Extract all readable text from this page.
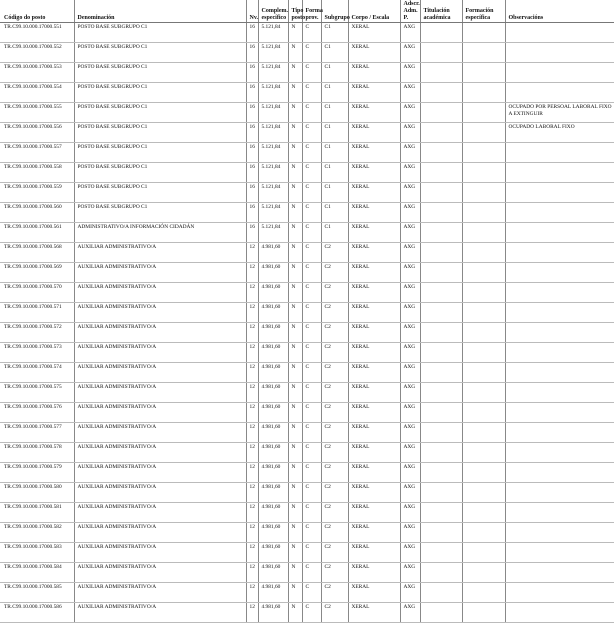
Código do posto	Denominación	Nv.	Complem. específico	Tipo posto	Forma prov.	Subgrupo	Corpo / Escala	Adscr. Adm. P.	Titulación académica	Formación específica	Observacións
TR.C99.10.000.17000.551	POSTO BASE SUBGRUPO C1	16	5.121,84	N	C	C1	XERAL	AXG			
TR.C99.10.000.17000.552	POSTO BASE SUBGRUPO C1	16	5.121,84	N	C	C1	XERAL	AXG			
TR.C99.10.000.17000.553	POSTO BASE SUBGRUPO C1	16	5.121,84	N	C	C1	XERAL	AXG			
TR.C99.10.000.17000.554	POSTO BASE SUBGRUPO C1	16	5.121,84	N	C	C1	XERAL	AXG			
TR.C99.10.000.17000.555	POSTO BASE SUBGRUPO C1	16	5.121,84	N	C	C1	XERAL	AXG			OCUPADO POR PERSOAL LABORAL FIXO A EXTINGUIR
TR.C99.10.000.17000.556	POSTO BASE SUBGRUPO C1	16	5.121,84	N	C	C1	XERAL	AXG			OCUPADO LABORAL FIXO
TR.C99.10.000.17000.557	POSTO BASE SUBGRUPO C1	16	5.121,84	N	C	C1	XERAL	AXG			
TR.C99.10.000.17000.558	POSTO BASE SUBGRUPO C1	16	5.121,84	N	C	C1	XERAL	AXG			
TR.C99.10.000.17000.559	POSTO BASE SUBGRUPO C1	16	5.121,84	N	C	C1	XERAL	AXG			
TR.C99.10.000.17000.560	POSTO BASE SUBGRUPO C1	16	5.121,84	N	C	C1	XERAL	AXG			
TR.C99.10.000.17000.561	ADMINISTRATIVO/A INFORMACIÓN CIDADÁN	16	5.121,84	N	C	C1	XERAL	AXG			
TR.C99.10.000.17000.568	AUXILIAR ADMINISTRATIVO/A	12	4.981,60	N	C	C2	XERAL	AXG			
TR.C99.10.000.17000.569	AUXILIAR ADMINISTRATIVO/A	12	4.981,60	N	C	C2	XERAL	AXG			
TR.C99.10.000.17000.570	AUXILIAR ADMINISTRATIVO/A	12	4.981,60	N	C	C2	XERAL	AXG			
TR.C99.10.000.17000.571	AUXILIAR ADMINISTRATIVO/A	12	4.981,60	N	C	C2	XERAL	AXG			
TR.C99.10.000.17000.572	AUXILIAR ADMINISTRATIVO/A	12	4.981,60	N	C	C2	XERAL	AXG			
TR.C99.10.000.17000.573	AUXILIAR ADMINISTRATIVO/A	12	4.981,60	N	C	C2	XERAL	AXG			
TR.C99.10.000.17000.574	AUXILIAR ADMINISTRATIVO/A	12	4.981,60	N	C	C2	XERAL	AXG			
TR.C99.10.000.17000.575	AUXILIAR ADMINISTRATIVO/A	12	4.981,60	N	C	C2	XERAL	AXG			
TR.C99.10.000.17000.576	AUXILIAR ADMINISTRATIVO/A	12	4.981,60	N	C	C2	XERAL	AXG			
TR.C99.10.000.17000.577	AUXILIAR ADMINISTRATIVO/A	12	4.981,60	N	C	C2	XERAL	AXG			
TR.C99.10.000.17000.578	AUXILIAR ADMINISTRATIVO/A	12	4.981,60	N	C	C2	XERAL	AXG			
TR.C99.10.000.17000.579	AUXILIAR ADMINISTRATIVO/A	12	4.981,60	N	C	C2	XERAL	AXG			
TR.C99.10.000.17000.580	AUXILIAR ADMINISTRATIVO/A	12	4.981,60	N	C	C2	XERAL	AXG			
TR.C99.10.000.17000.581	AUXILIAR ADMINISTRATIVO/A	12	4.981,60	N	C	C2	XERAL	AXG			
TR.C99.10.000.17000.582	AUXILIAR ADMINISTRATIVO/A	12	4.981,60	N	C	C2	XERAL	AXG			
TR.C99.10.000.17000.583	AUXILIAR ADMINISTRATIVO/A	12	4.981,60	N	C	C2	XERAL	AXG			
TR.C99.10.000.17000.584	AUXILIAR ADMINISTRATIVO/A	12	4.981,60	N	C	C2	XERAL	AXG			
TR.C99.10.000.17000.585	AUXILIAR ADMINISTRATIVO/A	12	4.981,60	N	C	C2	XERAL	AXG			
TR.C99.10.000.17000.586	AUXILIAR ADMINISTRATIVO/A	12	4.981,60	N	C	C2	XERAL	AXG			
